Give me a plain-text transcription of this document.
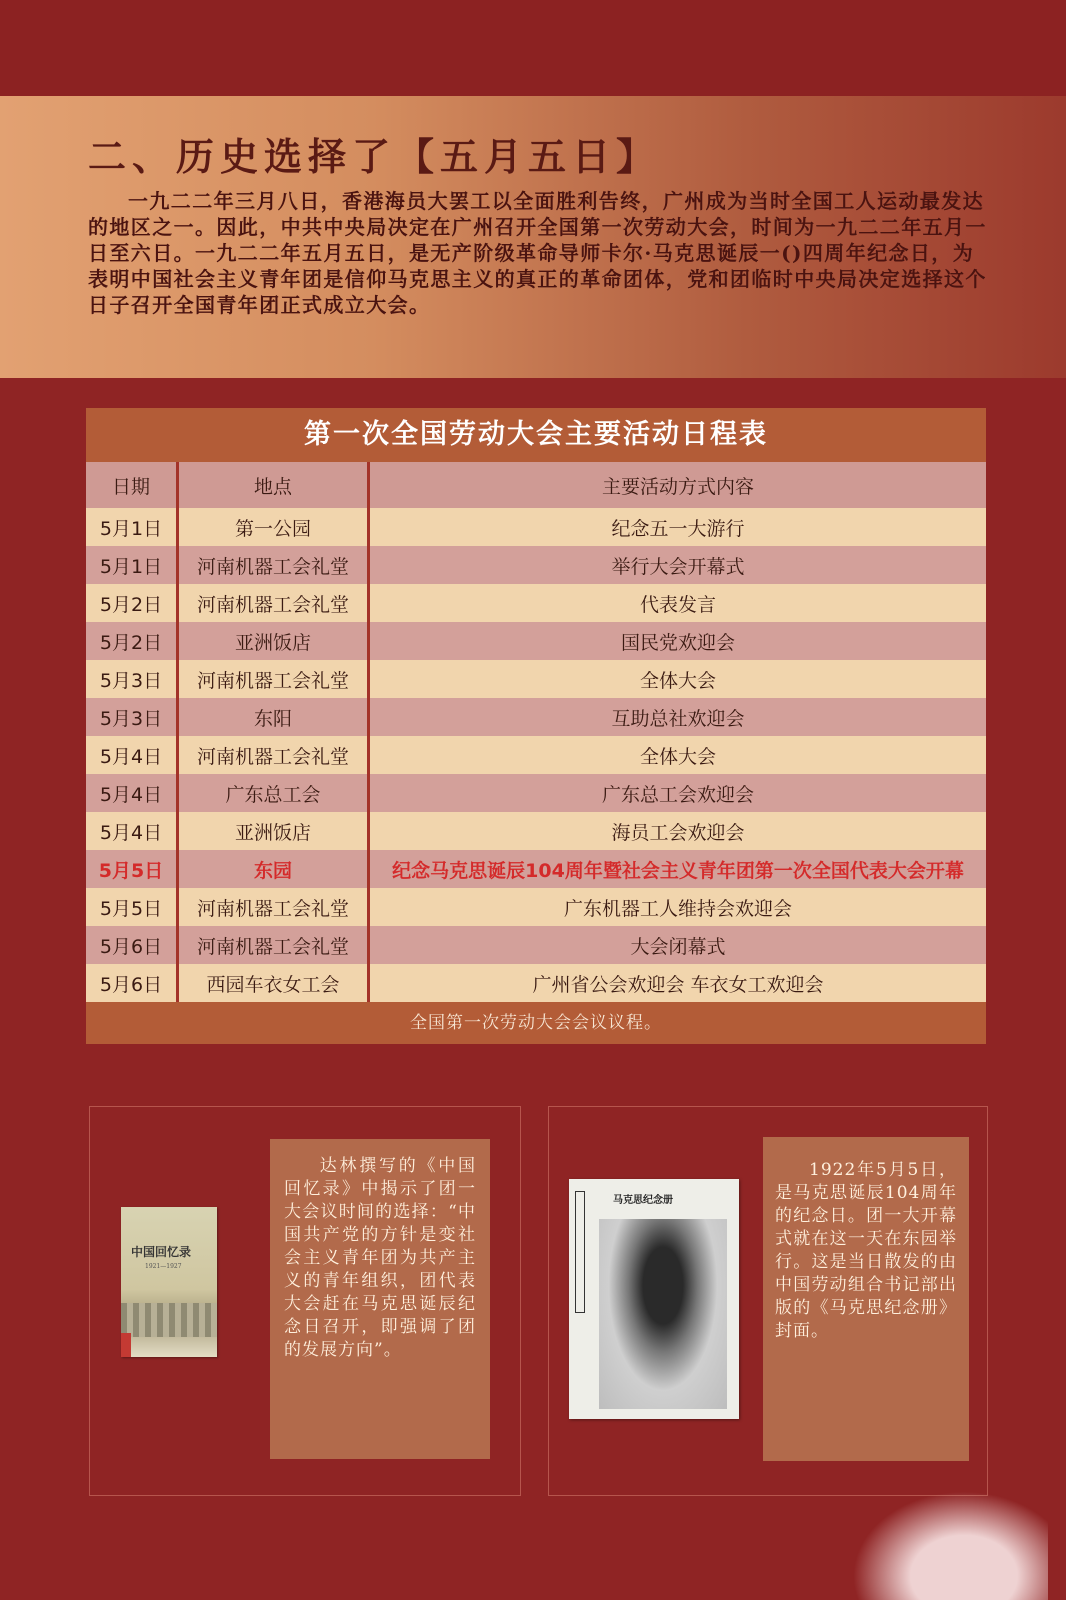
二、历史选择了【五月五日】

一九二二年三月八日，香港海员大罢工以全面胜利告终，广州成为当时全国工人运动最发达的地区之一。因此，中共中央局决定在广州召开全国第一次劳动大会，时间为一九二二年五月一日至六日。一九二二年五月五日，是无产阶级革命导师卡尔·马克思诞辰一()四周年纪念日，为表明中国社会主义青年团是信仰马克思主义的真正的革命团体，党和团临时中央局决定选择这个日子召开全国青年团正式成立大会。

第一次全国劳动大会主要活动日程表
日期	地点	主要活动方式内容
5月1日	第一公园	纪念五一大游行
5月1日	河南机器工会礼堂	举行大会开幕式
5月2日	河南机器工会礼堂	代表发言
5月2日	亚洲饭店	国民党欢迎会
5月3日	河南机器工会礼堂	全体大会
5月3日	东阳	互助总社欢迎会
5月4日	河南机器工会礼堂	全体大会
5月4日	广东总工会	广东总工会欢迎会
5月4日	亚洲饭店	海员工会欢迎会
5月5日	东园	纪念马克思诞辰104周年暨社会主义青年团第一次全国代表大会开幕
5月5日	河南机器工会礼堂	广东机器工人维持会欢迎会
5月6日	河南机器工会礼堂	大会闭幕式
5月6日	西园车衣女工会	广州省公会欢迎会 车衣女工欢迎会
全国第一次劳动大会会议议程。
中国回忆录
1921—1927
达林撰写的《中国回忆录》中揭示了团一大会议时间的选择：“中国共产党的方针是变社会主义青年团为共产主义的青年组织，团代表大会赶在马克思诞辰纪念日召开，即强调了团的发展方向”。
马克思纪念册
1922年5月5日，是马克思诞辰104周年的纪念日。团一大开幕式就在这一天在东园举行。这是当日散发的由中国劳动组合书记部出版的《马克思纪念册》封面。
